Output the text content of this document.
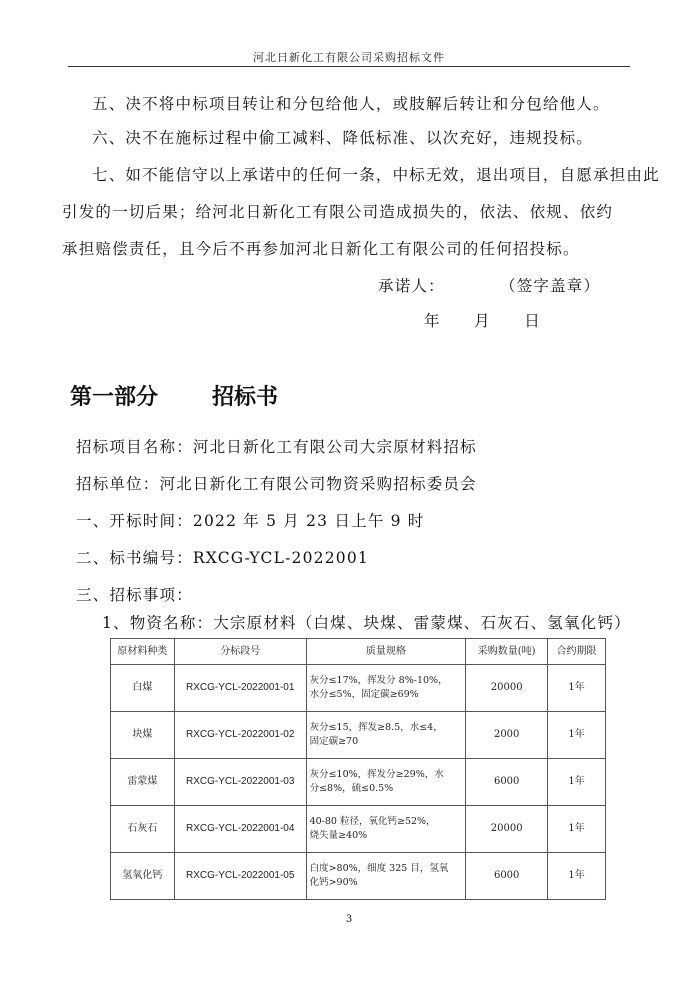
河北日新化工有限公司采购招标文件
五、决不将中标项目转让和分包给他人，或肢解后转让和分包给他人。
六、决不在施标过程中偷工减料、降低标准、以次充好，违规投标。
七、如不能信守以上承诺中的任何一条，中标无效，退出项目，自愿承担由此
引发的一切后果；给河北日新化工有限公司造成损失的，依法、依规、依约
承担赔偿责任，且今后不再参加河北日新化工有限公司的任何招投标。
承诺人：	（签字盖章）
年　　月　　日
第一部分 招标书
招标项目名称：河北日新化工有限公司大宗原材料招标
招标单位：河北日新化工有限公司物资采购招标委员会
一、开标时间：2022 年 5 月 23 日上午 9 时
二、标书编号：RXCG-YCL-2022001
三、招标事项：
1、物资名称：大宗原材料（白煤、块煤、雷蒙煤、石灰石、氢氧化钙）
原材料种类	分标段号	质量规格	采购数量(吨)	合约期限
白煤	RXCG-YCL-2022001-01	灰分≤17%，挥发分 8%-10%，
水分≤5%，固定碳≥69%	20000	1年
块煤	RXCG-YCL-2022001-02	灰分≤15，挥发≥8.5，水≤4，
固定碳≥70	2000	1年
雷蒙煤	RXCG-YCL-2022001-03	灰分≤10%，挥发分≥29%，水
分≤8%，硫≤0.5%	6000	1年
石灰石	RXCG-YCL-2022001-04	40-80 粒径，氧化钙≥52%，
烧失量≥40%	20000	1年
氢氧化钙	RXCG-YCL-2022001-05	白度>80%，细度 325 目，氢氧
化钙>90%	6000	1年
3
